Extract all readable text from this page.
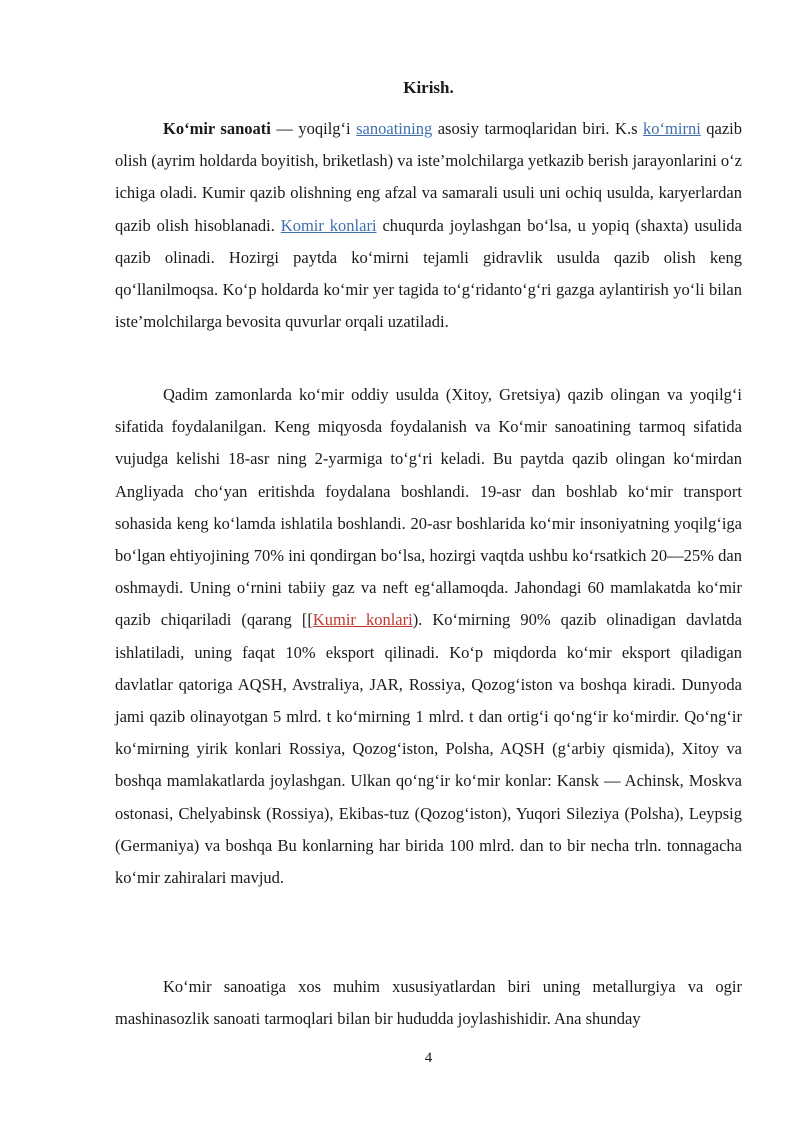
Kirish.

Ko‘mir sanoati — yoqilg‘i sanoatining asosiy tarmoqlaridan biri. K.s ko‘mirni qazib olish (ayrim holdarda boyitish, briketlash) va iste’molchilarga yetkazib berish jarayonlarini o‘z ichiga oladi. Kumir qazib olishning eng afzal va samarali usuli uni ochiq usulda, karyerlardan qazib olish hisoblanadi. Komir konlari chuqurda joylashgan bo‘lsa, u yopiq (shaxta) usulida qazib olinadi. Hozirgi paytda ko‘mirni tejamli gidravlik usulda qazib olish keng qo‘llanilmoqsa. Ko‘p holdarda ko‘mir yer tagida to‘g‘ridanto‘g‘ri gazga aylantirish yo‘li bilan iste’molchilarga bevosita quvurlar orqali uzatiladi.

Qadim zamonlarda ko‘mir oddiy usulda (Xitoy, Gretsiya) qazib olingan va yoqilg‘i sifatida foydalanilgan. Keng miqyosda foydalanish va Ko‘mir sanoatining tarmoq sifatida vujudga kelishi 18-asr ning 2-yarmiga to‘g‘ri keladi. Bu paytda qazib olingan ko‘mirdan Angliyada cho‘yan eritishda foydalana boshlandi. 19-asr dan boshlab ko‘mir transport sohasida keng ko‘lamda ishlatila boshlandi. 20-asr boshlarida ko‘mir insoniyatning yoqilg‘iga bo‘lgan ehtiyojining 70% ini qondirgan bo‘lsa, hozirgi vaqtda ushbu ko‘rsatkich 20—25% dan oshmaydi. Uning o‘rnini tabiiy gaz va neft eg‘allamoqda. Jahondagi 60 mamlakatda ko‘mir qazib chiqariladi (qarang [[Kumir konlari). Ko‘mirning 90% qazib olinadigan davlatda ishlatiladi, uning faqat 10% eksport qilinadi. Ko‘p miqdorda ko‘mir eksport qiladigan davlatlar qatoriga AQSH, Avstraliya, JAR, Rossiya, Qozog‘iston va boshqa kiradi. Dunyoda jami qazib olinayotgan 5 mlrd. t ko‘mirning 1 mlrd. t dan ortig‘i qo‘ng‘ir ko‘mirdir. Qo‘ng‘ir ko‘mirning yirik konlari Rossiya, Qozog‘iston, Polsha, AQSH (g‘arbiy qismida), Xitoy va boshqa mamlakatlarda joylashgan. Ulkan qo‘ng‘ir ko‘mir konlar: Kansk — Achinsk, Moskva ostonasi, Chelyabinsk (Rossiya), Ekibas-tuz (Qozog‘iston), Yuqori Sileziya (Polsha), Leypsig (Germaniya) va boshqa Bu konlarning har birida 100 mlrd. dan to bir necha trln. tonnagacha ko‘mir zahiralari mavjud.

Ko‘mir sanoatiga xos muhim xususiyatlardan biri uning metallurgiya va ogir mashinasozlik sanoati tarmoqlari bilan bir hududda joylashishidir. Ana shunday

4
